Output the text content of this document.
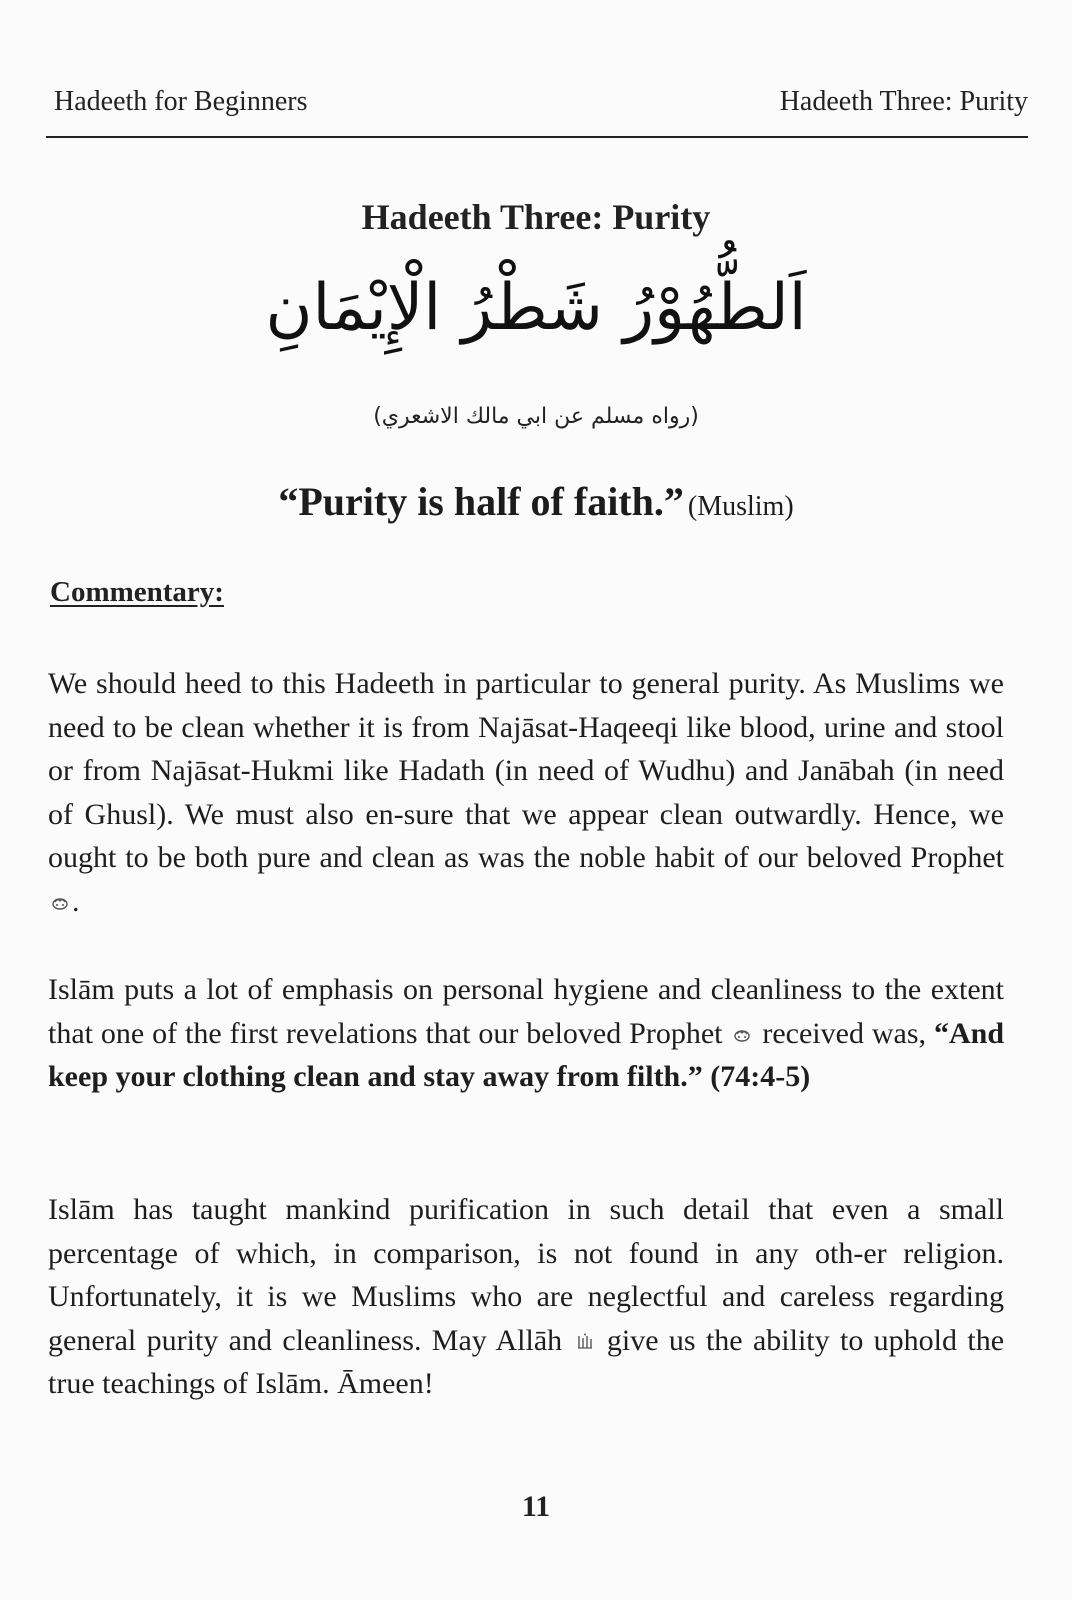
Hadeeth for Beginners	Hadeeth Three: Purity
Hadeeth Three: Purity
اَلطُّهُوْرُ شَطْرُ الْإِيْمَانِ
(رواه مسلم عن ابي مالك الاشعري)
“Purity is half of faith.” (Muslim)
Commentary:
We should heed to this Hadeeth in particular to general purity. As Muslims we need to be clean whether it is from Najāsat-Haqeeqi like blood, urine and stool or from Najāsat-Hukmi like Hadath (in need of Wudhu) and Janābah (in need of Ghusl). We must also en-sure that we appear clean outwardly. Hence, we ought to be both pure and clean as was the noble habit of our beloved Prophet .
Islām puts a lot of emphasis on personal hygiene and cleanliness to the extent that one of the first revelations that our beloved Prophet received was, “And keep your clothing clean and stay away from filth.” (74:4-5)
Islām has taught mankind purification in such detail that even a small percentage of which, in comparison, is not found in any oth-er religion. Unfortunately, it is we Muslims who are neglectful and careless regarding general purity and cleanliness. May Allāh give us the ability to uphold the true teachings of Islām. Āmeen!
11
